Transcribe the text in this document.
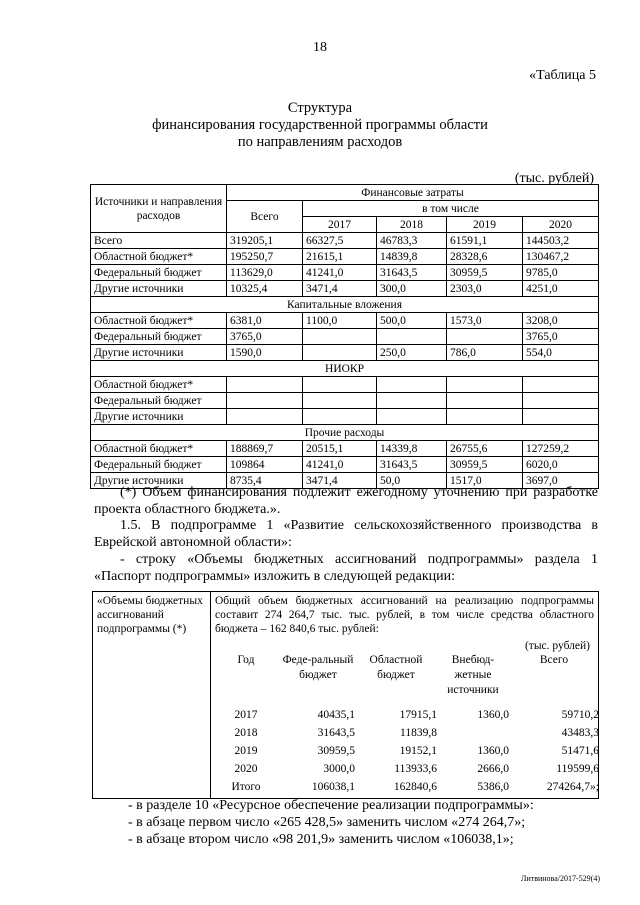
18
«Таблица 5
Структура
финансирования государственной программы области
по направлениям расходов
(тыс. рублей)
Источники и направления расходов	Финансовые затраты				
	Всего	в том числе			
		2017	2018	2019	2020
Всего	319205,1	66327,5	46783,3	61591,1	144503,2
Областной бюджет*	195250,7	21615,1	14839,8	28328,6	130467,2
Федеральный бюджет	113629,0	41241,0	31643,5	30959,5	9785,0
Другие источники	10325,4	3471,4	300,0	2303,0	4251,0
Капитальные вложения					
Областной бюджет*	6381,0	1100,0	500,0	1573,0	3208,0
Федеральный бюджет	3765,0				3765,0
Другие источники	1590,0		250,0	786,0	554,0
НИОКР					
Областной бюджет*					
Федеральный бюджет					
Другие источники					
Прочие расходы					
Областной бюджет*	188869,7	20515,1	14339,8	26755,6	127259,2
Федеральный бюджет	109864	41241,0	31643,5	30959,5	6020,0
Другие источники	8735,4	3471,4	50,0	1517,0	3697,0
(*) Объем финансирования подлежит ежегодному уточнению при разработке проекта областного бюджета.».
1.5. В подпрограмме 1 «Развитие сельскохозяйственного производства в Еврейской автономной области»:
- строку «Объемы бюджетных ассигнований подпрограммы» раздела 1 «Паспорт подпрограммы» изложить в следующей редакции:
«Объемы бюджетных ассигнований подпрограммы (*)	
Общий объем бюджетных ассигнований на реализацию подпрограммы составит 274 264,7 тыс. тыс. рублей, в том числе средства областного бюджета – 162 840,6 тыс. рублей:
(тыс. рублей)
Год	Феде-ральный бюджет	Областной бюджет	Внебюд-жетные источники	Всего
2017	40435,1	17915,1	1360,0	59710,2
2018	31643,5	11839,8		43483,3
2019	30959,5	19152,1	1360,0	51471,6
2020	3000,0	113933,6	2666,0	119599,6
Итого	106038,1	162840,6	5386,0	274264,7»;
- в разделе 10 «Ресурсное обеспечение реализации подпрограммы»:
- в абзаце первом число «265 428,5» заменить числом «274 264,7»;
- в абзаце втором число «98 201,9» заменить числом «106038,1»;
Литвинова/2017-529(4)
